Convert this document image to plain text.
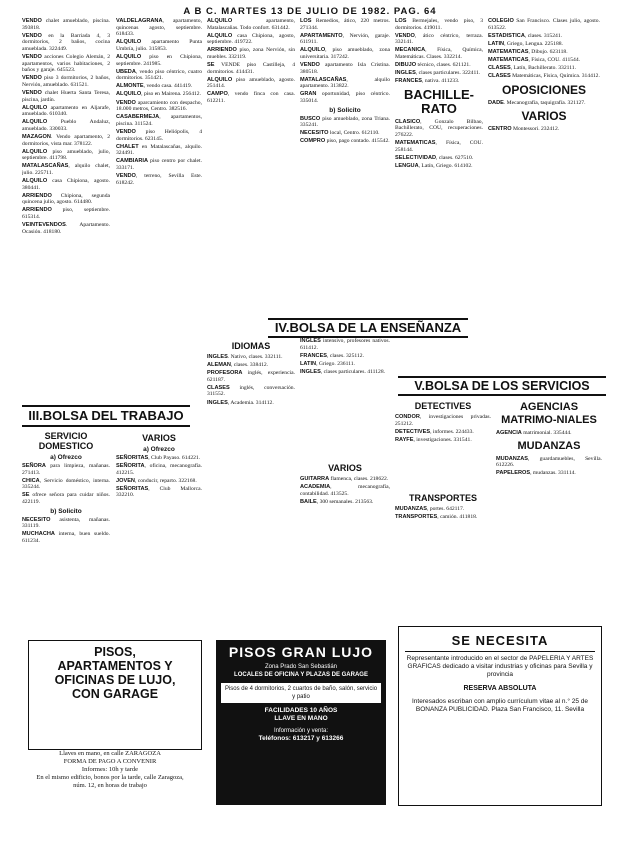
A B C. MARTES 13 DE JULIO DE 1982. PAG. 64
VENDO chalet amueblado, piscina. 393818.
VENDO en la Barriada 4, 3 dormitorios, 2 baños, cocina amueblada. 322449.
VENDO acciones Colegio Alemán, 2 apartamentos, varios habitaciones, 2 baños y garaje. 645523.
VENDO piso 3 dormitorios, 2 baños, Nervión, amueblado. 631521.
VENDO chalet Huerta Santa Teresa, piscina, jardín.
ALQUILO apartamento en Aljarafe, amueblado. 610340.
ALQUILO Pueblo Andaluz, amueblado. 330033.
MAZAGON. Vendo apartamento, 2 dormitorios, vista mar. 378122.
ALQUILO piso amueblado, julio, septiembre. 411798.
MATALASCAÑAS, alquilo chalet, julio. 225711.
ALQUILO casa Chipiona, agosto. 380441.
ARRIENDO Chipiona, segunda quincena julio, agosto. 614480.
ARRIENDO piso, septiembre. 615314.
VEINTEVENDOS. Apartamento. Ocasión. 418180.
VALDELAGRANA, apartamento, quincenas agosto, septiembre. 618433.
ALQUILO apartamento Punta Umbría, julio. 315853.
ALQUILO piso en Chipiona, septiembre. 241985.
UBEDA, vendo piso céntrico, cuatro dormitorios. 351421.
ALMONTE, vendo casa. 441419.
ALQUILO, piso en Mairena. 256412.
VENDO aparcamiento con despacho, 18.000 metros, Centro. 382516.
CASABERMEJA, apartamentos, piscina. 311524.
VENDO piso Heliópolis, 4 dormitorios. 623145.
CHALET en Matalascañas, alquilo. 324491.
CAMBIARIA piso centro por chalet. 333171.
VENDO, terreno, Sevilla Este. 618242.
ALQUILO apartamento, Matalascañas. Todo confort. 631442.
ALQUILO casa Chipiona, agosto, septiembre. 419722.
ARRIENDO piso, zona Nervión, sin muebles. 332119.
SE VENDE piso Castilleja, 4 dormitorios. 414431.
ALQUILO piso amueblado, agosto. 251414.
CAMPO, vendo finca con casa. 612211.
LOS Remedios, ático, 220 metros. 271344.
APARTAMENTO, Nervión, garaje. 611911.
ALQUILO, piso amueblado, zona universitaria. 317242.
VENDO apartamento Isla Cristina. 380518.
MATALASCAÑAS, alquilo apartamento. 313822.
GRAN oportunidad, piso céntrico. 335014.
b) Solicito
BUSCO piso amueblado, zona Triana. 335241.
NECESITO local, Centro. 612110.
COMPRO piso, pago contado. 415542.
LOS Bermejales, vendo piso, 3 dormitorios. 419011.
VENDO, ático céntrico, terraza. 332141.
MECANICA, Física, Química, Matemáticas. Clases. 332214.
DIBUJO técnico, clases. 621121.
INGLES, clases particulares. 322411.
FRANCES, nativa. 411233.
BACHILLE-RATO
CLASICO, Gonzalo Bilbao, Bachillerato, COU, recuperaciones. 276222.
MATEMATICAS, Física, COU. 258144.
SELECTIVIDAD, clases. 627510.
LENGUA, Latín, Griego. 614102.
COLEGIO San Francisco. Clases julio, agosto. 613522.
ESTADISTICA, clases. 315241.
LATIN, Griego, Lengua. 225188.
MATEMATICAS, Dibujo. 623118.
MATEMATICAS, Física, COU. 411544.
CLASES, Latín, Bachillerato. 332111.
CLASES Matemáticas, Física, Química. 314412.
OPOSICIONES
DADE. Mecanografía, taquigrafía. 321127.
VARIOS
CENTRO Montessori. 232412.
IV.BOLSA DE LA ENSEÑANZA
IDIOMAS
INGLES. Nativo, clases. 332111.
ALEMAN, clases. 338412.
PROFESORA inglés, experiencia. 621187.
CLASES inglés, conversación. 311552.
INGLES, Academia. 314112.
INGLES intensivo, profesores nativos. 611412.
FRANCES, clases. 325112.
LATIN, Griego. 236111.
INGLES, clases particulares. 411128.
VARIOS
GUITARRA flamenca, clases. 218622.
ACADEMIA, mecanografía, contabilidad. 413525.
BAILE, 300 semanales. 213563.
III.BOLSA DEL TRABAJO
SERVICIO DOMESTICO
a) Ofrezco
SEÑORA para limpieza, mañanas. 271413.
CHICA, Servicio doméstico, interna. 335244.
SE ofrece señora para cuidar niños. 422119.
b) Solicito
NECESITO asistenta, mañanas. 331119.
MUCHACHA interna, buen sueldo. 611234.
VARIOS
a) Ofrezco
SEÑORITAS, Club Payaso. 614221.
SEÑORITA, oficina, mecanografía. 412215.
JOVEN, conducir, reparto. 322168.
SEÑORITAS, Club Mallorca. 332210.
V.BOLSA DE LOS SERVICIOS
DETECTIVES
CONDOR, investigaciones privadas. 251212.
DETECTIVES, informes. 224433.
RAYFE, investigaciones. 331541.
TRANSPORTES
MUDANZAS, portes. 642117.
TRANSPORTES, camión. 411818.
AGENCIAS MATRIMO-NIALES
AGENCIA matrimonial. 335444.
MUDANZAS
MUDANZAS, guardamuebles, Sevilla. 612226.
PAPELEROS, mudanzas. 331114.
PISOS,
APARTAMENTOS Y
OFICINAS DE LUJO,
CON GARAGE
Llaves en mano, en calle ZARAGOZA
FORMA DE PAGO A CONVENIR
Informes: 10h y tarde
En el mismo edificio, bonos por la tarde, calle Zaragoza, núm. 12, en horas de trabajo
PISOS GRAN LUJO
Zona Prado San Sebastián
LOCALES DE OFICINA Y PLAZAS DE GARAGE
Pisos de 4 dormitorios, 2 cuartos de baño, salón, servicio y patio
FACILIDADES 10 AÑOS
LLAVE EN MANO
Información y venta:
Teléfonos: 613217 y 613266
SE NECESITA
Representante introducido en el sector de PAPELERIA Y ARTES GRAFICAS dedicado a visitar industrias y oficinas para Sevilla y provincia
RESERVA ABSOLUTA
Interesados escriban con amplio currículum vitae al n.° 25 de BONANZA PUBLICIDAD. Plaza San Francisco, 11. Sevilla
